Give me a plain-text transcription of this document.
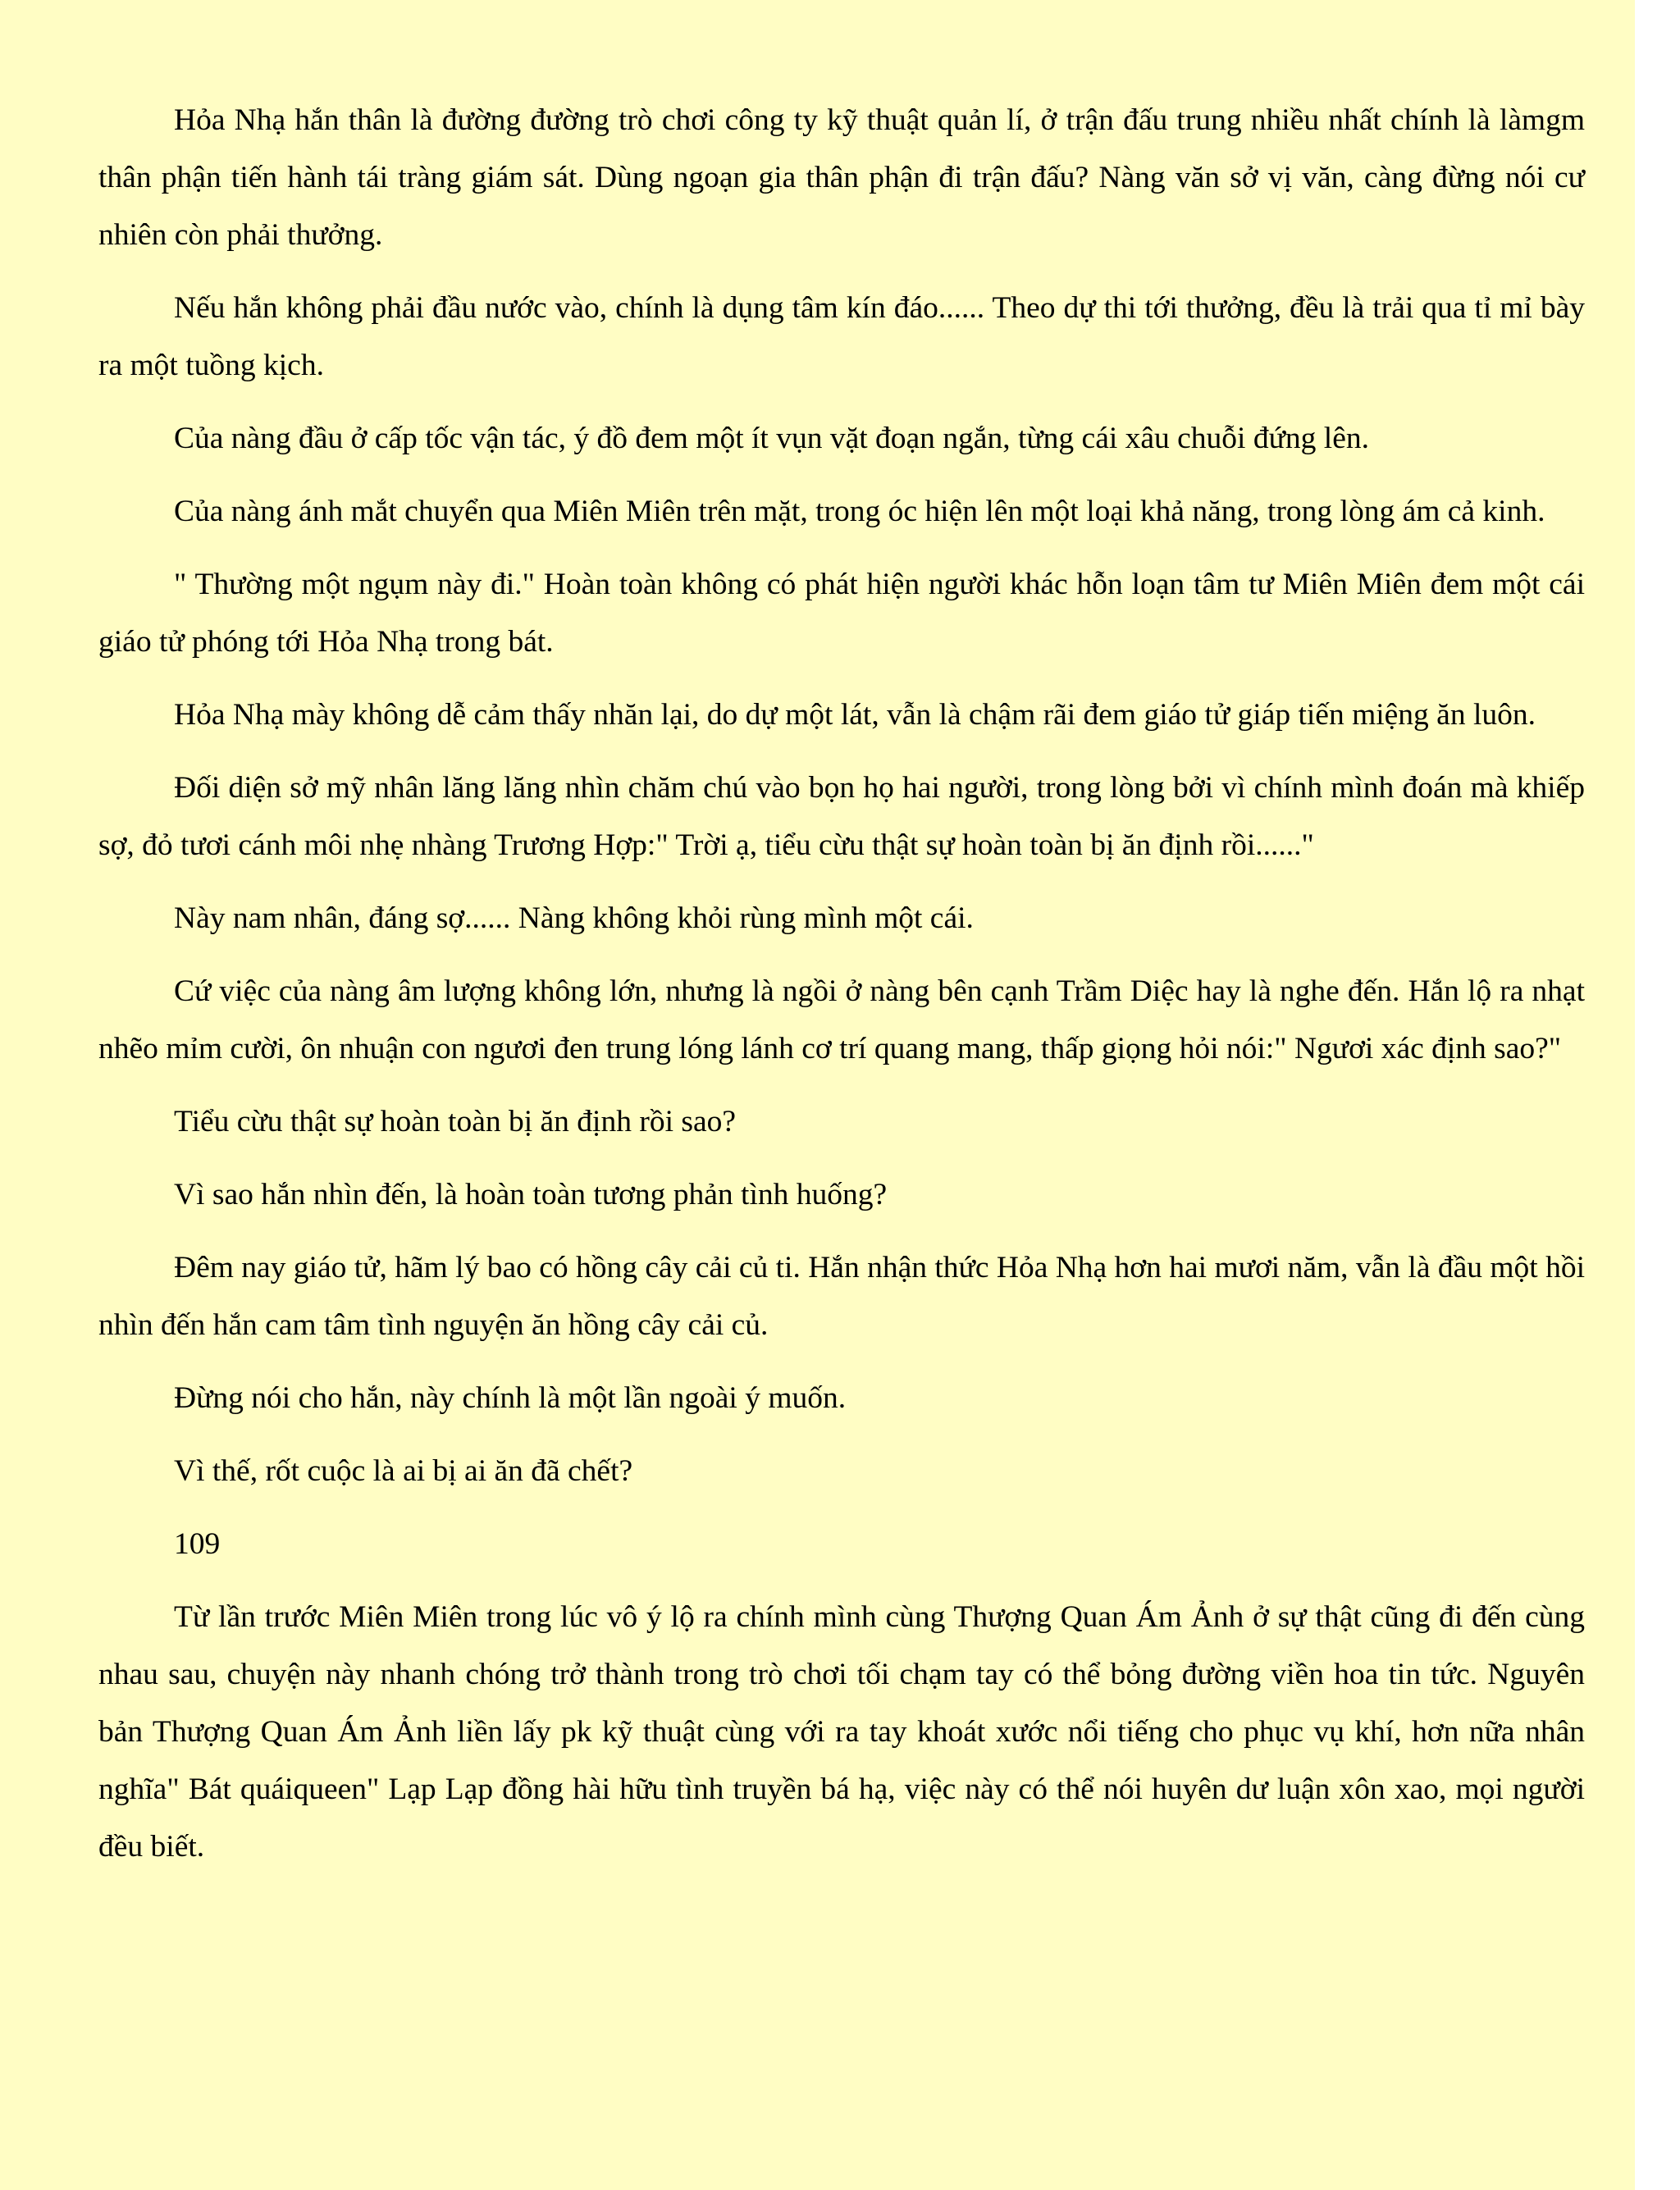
Hỏa Nhạ hắn thân là đường đường trò chơi công ty kỹ thuật quản lí, ở trận đấu trung nhiều nhất chính là làmgm thân phận tiến hành tái tràng giám sát. Dùng ngoạn gia thân phận đi trận đấu? Nàng văn sở vị văn, càng đừng nói cư nhiên còn phải thưởng.

Nếu hắn không phải đầu nước vào, chính là dụng tâm kín đáo...... Theo dự thi tới thưởng, đều là trải qua tỉ mỉ bày ra một tuồng kịch.

Của nàng đầu ở cấp tốc vận tác, ý đồ đem một ít vụn vặt đoạn ngắn, từng cái xâu chuỗi đứng lên.

Của nàng ánh mắt chuyển qua Miên Miên trên mặt, trong óc hiện lên một loại khả năng, trong lòng ám cả kinh.

" Thường một ngụm này đi." Hoàn toàn không có phát hiện người khác hỗn loạn tâm tư Miên Miên đem một cái giáo tử phóng tới Hỏa Nhạ trong bát.

Hỏa Nhạ mày không dễ cảm thấy nhăn lại, do dự một lát, vẫn là chậm rãi đem giáo tử giáp tiến miệng ăn luôn.

Đối diện sở mỹ nhân lăng lăng nhìn chăm chú vào bọn họ hai người, trong lòng bởi vì chính mình đoán mà khiếp sợ, đỏ tươi cánh môi nhẹ nhàng Trương Hợp:" Trời ạ, tiểu cừu thật sự hoàn toàn bị ăn định rồi......"

Này nam nhân, đáng sợ...... Nàng không khỏi rùng mình một cái.

Cứ việc của nàng âm lượng không lớn, nhưng là ngồi ở nàng bên cạnh Trầm Diệc hay là nghe đến. Hắn lộ ra nhạt nhẽo mỉm cười, ôn nhuận con ngươi đen trung lóng lánh cơ trí quang mang, thấp giọng hỏi nói:" Ngươi xác định sao?"

Tiểu cừu thật sự hoàn toàn bị ăn định rồi sao?

Vì sao hắn nhìn đến, là hoàn toàn tương phản tình huống?

Đêm nay giáo tử, hãm lý bao có hồng cây cải củ ti. Hắn nhận thức Hỏa Nhạ hơn hai mươi năm, vẫn là đầu một hồi nhìn đến hắn cam tâm tình nguyện ăn hồng cây cải củ.

Đừng nói cho hắn, này chính là một lần ngoài ý muốn.

Vì thế, rốt cuộc là ai bị ai ăn đã chết?

109

Từ lần trước Miên Miên trong lúc vô ý lộ ra chính mình cùng Thượng Quan Ám Ảnh ở sự thật cũng đi đến cùng nhau sau, chuyện này nhanh chóng trở thành trong trò chơi tối chạm tay có thể bỏng đường viền hoa tin tức. Nguyên bản Thượng Quan Ám Ảnh liền lấy pk kỹ thuật cùng với ra tay khoát xước nổi tiếng cho phục vụ khí, hơn nữa nhân nghĩa" Bát quáiqueen" Lạp Lạp đồng hài hữu tình truyền bá hạ, việc này có thể nói huyên dư luận xôn xao, mọi người đều biết.
